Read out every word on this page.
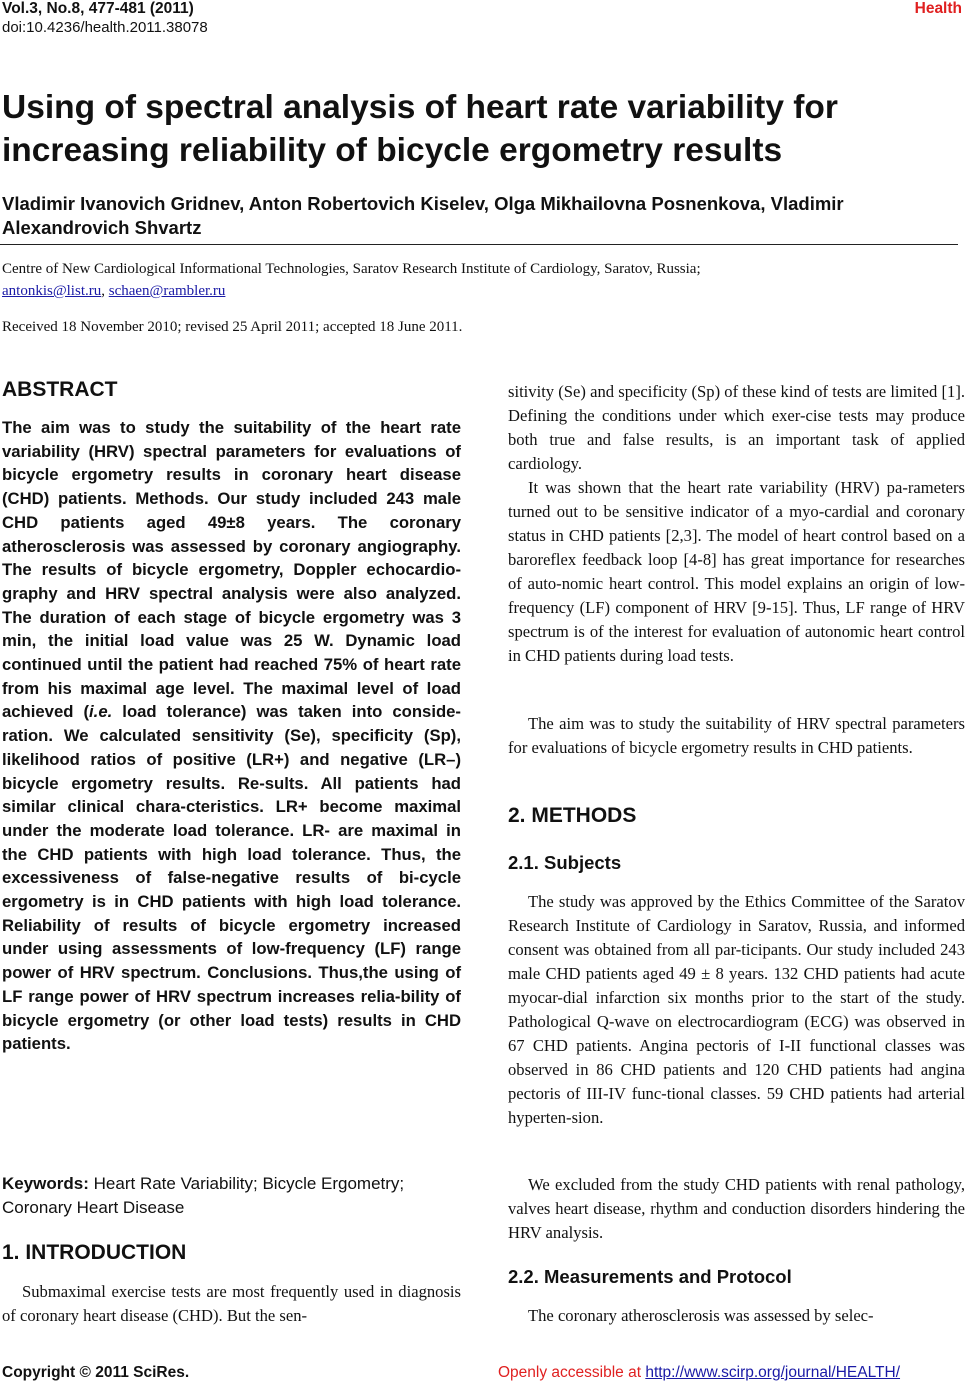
Vol.3, No.8, 477-481 (2011)
doi:10.4236/health.2011.38078
Health
Using of spectral analysis of heart rate variability for increasing reliability of bicycle ergometry results
Vladimir Ivanovich Gridnev, Anton Robertovich Kiselev, Olga Mikhailovna Posnenkova, Vladimir Alexandrovich Shvartz
Centre of New Cardiological Informational Technologies, Saratov Research Institute of Cardiology, Saratov, Russia;
antonkis@list.ru, schaen@rambler.ru
Received 18 November 2010; revised 25 April 2011; accepted 18 June 2011.
ABSTRACT

The aim was to study the suitability of the heart rate variability (HRV) spectral parameters for evaluations of bicycle ergometry results in coronary heart disease (CHD) patients. Methods. Our study included 243 male CHD patients aged 49±8 years. The coronary atherosclerosis was assessed by coronary angiography. The results of bicycle ergometry, Doppler echocardio-graphy and HRV spectral analysis were also analyzed. The duration of each stage of bicycle ergometry was 3 min, the initial load value was 25 W. Dynamic load continued until the patient had reached 75% of heart rate from his maximal age level. The maximal level of load achieved (i.e. load tolerance) was taken into conside-ration. We calculated sensitivity (Se), specificity (Sp), likelihood ratios of positive (LR+) and negative (LR–) bicycle ergometry results. Re-sults. All patients had similar clinical chara-cteristics. LR+ become maximal under the moderate load tolerance. LR- are maximal in the CHD patients with high load tolerance. Thus, the excessiveness of false-negative results of bi-cycle ergometry is in CHD patients with high load tolerance. Reliability of results of bicycle ergometry increased under using assessments of low-frequency (LF) range power of HRV spectrum. Conclusions. Thus,the using of LF range power of HRV spectrum increases relia-bility of bicycle ergometry (or other load tests) results in CHD patients.

Keywords: Heart Rate Variability; Bicycle Ergometry; Coronary Heart Disease

1. INTRODUCTION

Submaximal exercise tests are most frequently used in diagnosis of coronary heart disease (CHD). But the sen-

sitivity (Se) and specificity (Sp) of these kind of tests are limited [1]. Defining the conditions under which exer-cise tests may produce both true and false results, is an important task of applied cardiology.

It was shown that the heart rate variability (HRV) pa-rameters turned out to be sensitive indicator of a myo-cardial and coronary status in CHD patients [2,3]. The model of heart control based on a baroreflex feedback loop [4-8] has great importance for researches of auto-nomic heart control. This model explains an origin of low-frequency (LF) component of HRV [9-15]. Thus, LF range of HRV spectrum is of the interest for evaluation of autonomic heart control in CHD patients during load tests.

The aim was to study the suitability of HRV spectral parameters for evaluations of bicycle ergometry results in CHD patients.

2. METHODS
2.1. Subjects

The study was approved by the Ethics Committee of the Saratov Research Institute of Cardiology in Saratov, Russia, and informed consent was obtained from all par-ticipants. Our study included 243 male CHD patients aged 49 ± 8 years. 132 CHD patients had acute myocar-dial infarction six months prior to the start of the study. Pathological Q-wave on electrocardiogram (ECG) was observed in 67 CHD patients. Angina pectoris of I-II functional classes was observed in 86 CHD patients and 120 CHD patients had angina pectoris of III-IV func-tional classes. 59 CHD patients had arterial hyperten-sion.

We excluded from the study CHD patients with renal pathology, valves heart disease, rhythm and conduction disorders hindering the HRV analysis.

2.2. Measurements and Protocol

The coronary atherosclerosis was assessed by selec-

Copyright © 2011 SciRes.	Openly accessible at http://www.scirp.org/journal/HEALTH/
